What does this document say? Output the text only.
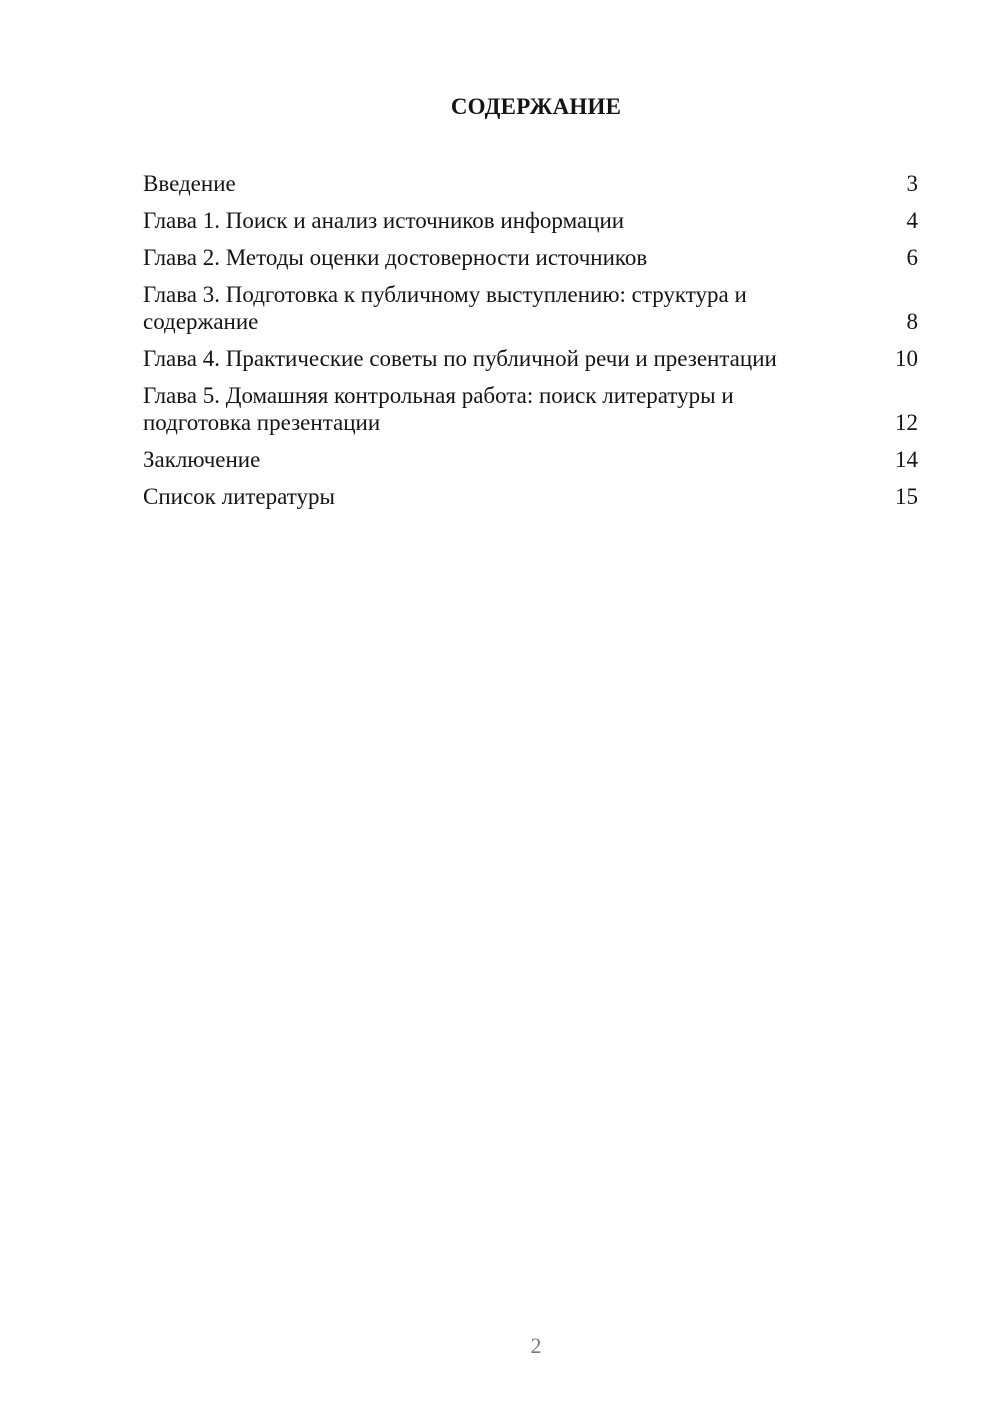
СОДЕРЖАНИЕ
Введение	3
Глава 1. Поиск и анализ источников информации	4
Глава 2. Методы оценки достоверности источников	6
Глава 3. Подготовка к публичному выступлению: структура и содержание	8
Глава 4. Практические советы по публичной речи и презентации	10
Глава 5. Домашняя контрольная работа: поиск литературы и подготовка презентации	12
Заключение	14
Список литературы	15
2
